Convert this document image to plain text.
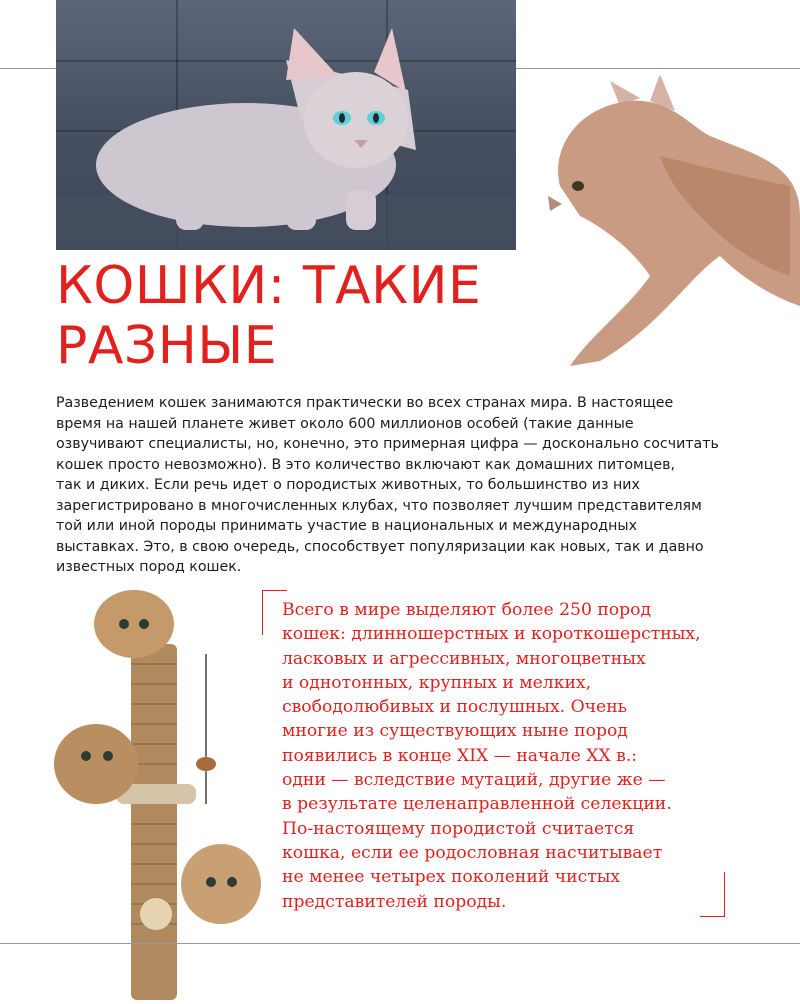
КОШКИ: ТАКИЕ
РАЗНЫЕ

Разведением кошек занимаются практически во всех странах мира. В настоящее
время на нашей планете живет около 600 миллионов особей (такие данные
озвучивают специалисты, но, конечно, это примерная цифра — досконально сосчитать
кошек просто невозможно). В это количество включают как домашних питомцев,
так и диких. Если речь идет о породистых животных, то большинство из них
зарегистрировано в многочисленных клубах, что позволяет лучшим представителям
той или иной породы принимать участие в национальных и международных
выставках. Это, в свою очередь, способствует популяризации как новых, так и давно
известных пород кошек.

Всего в мире выделяют более 250 пород
кошек: длинношерстных и короткошерстных,
ласковых и агрессивных, многоцветных
и однотонных, крупных и мелких,
свободолюбивых и послушных. Очень
многие из существующих ныне пород
появились в конце XIX — начале XX в.:
одни — вследствие мутаций, другие же —
в результате целенаправленной селекции.
По-настоящему породистой считается
кошка, если ее родословная насчитывает
не менее четырех поколений чистых
представителей породы.
